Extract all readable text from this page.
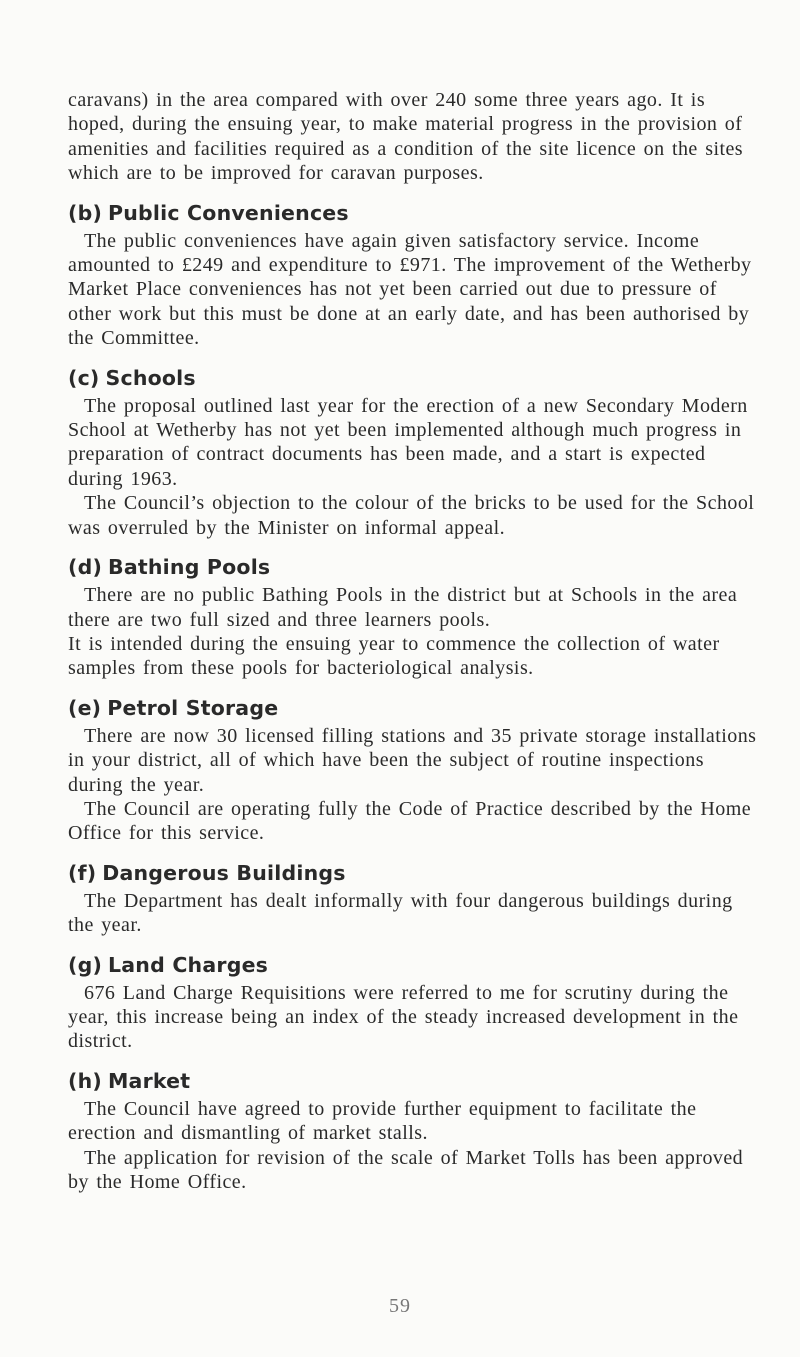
caravans) in the area compared with over 240 some three years ago. It is hoped, during the ensuing year, to make material progress in the provision of amenities and facilities required as a condition of the site licence on the sites which are to be improved for caravan purposes.

(b) Public Conveniences

The public conveniences have again given satisfactory service. Income amounted to £249 and expenditure to £971. The improvement of the Wetherby Market Place conveniences has not yet been carried out due to pressure of other work but this must be done at an early date, and has been authorised by the Committee.

(c) Schools

The proposal outlined last year for the erection of a new Secondary Modern School at Wetherby has not yet been implemented although much progress in preparation of contract documents has been made, and a start is expected during 1963.

The Council’s objection to the colour of the bricks to be used for the School was overruled by the Minister on informal appeal.

(d) Bathing Pools

There are no public Bathing Pools in the district but at Schools in the area there are two full sized and three learners pools.

It is intended during the ensuing year to commence the collection of water samples from these pools for bacteriological analysis.

(e) Petrol Storage

There are now 30 licensed filling stations and 35 private storage installations in your district, all of which have been the subject of routine inspections during the year.

The Council are operating fully the Code of Practice described by the Home Office for this service.

(f) Dangerous Buildings

The Department has dealt informally with four dangerous buildings during the year.

(g) Land Charges

676 Land Charge Requisitions were referred to me for scrutiny during the year, this increase being an index of the steady increased development in the district.

(h) Market

The Council have agreed to provide further equipment to facilitate the erection and dismantling of market stalls.

The application for revision of the scale of Market Tolls has been approved by the Home Office.

59
